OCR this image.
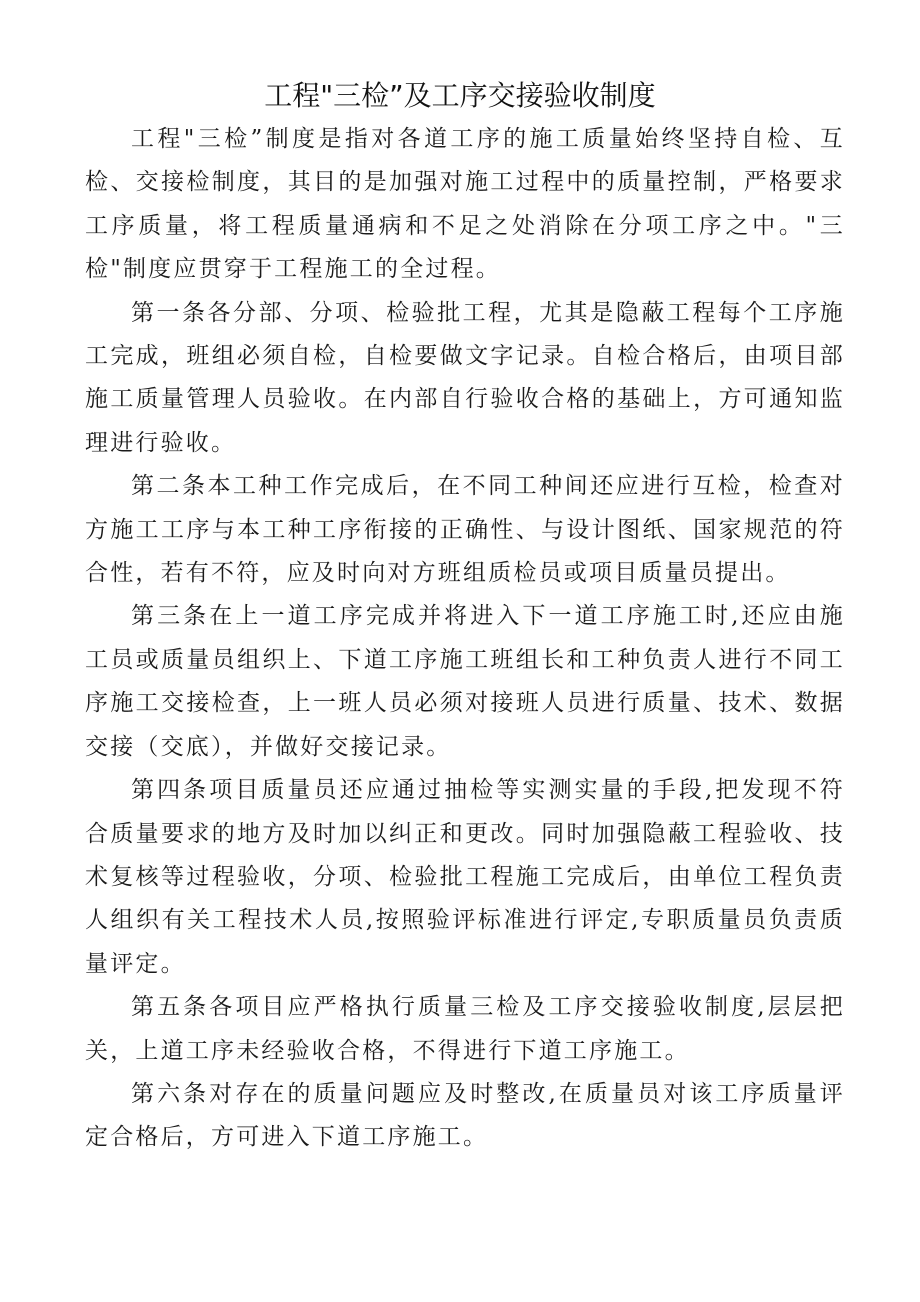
工程"三检”及工序交接验收制度

工程"三检”制度是指对各道工序的施工质量始终坚持自检、互检、交接检制度，其目的是加强对施工过程中的质量控制，严格要求工序质量，将工程质量通病和不足之处消除在分项工序之中。"三检"制度应贯穿于工程施工的全过程。

第一条各分部、分项、检验批工程，尤其是隐蔽工程每个工序施工完成，班组必须自检，自检要做文字记录。自检合格后，由项目部施工质量管理人员验收。在内部自行验收合格的基础上，方可通知监理进行验收。

第二条本工种工作完成后，在不同工种间还应进行互检，检查对方施工工序与本工种工序衔接的正确性、与设计图纸、国家规范的符合性，若有不符，应及时向对方班组质检员或项目质量员提出。

第三条在上一道工序完成并将进入下一道工序施工时,还应由施工员或质量员组织上、下道工序施工班组长和工种负责人进行不同工序施工交接检查，上一班人员必须对接班人员进行质量、技术、数据交接（交底），并做好交接记录。

第四条项目质量员还应通过抽检等实测实量的手段,把发现不符合质量要求的地方及时加以纠正和更改。同时加强隐蔽工程验收、技术复核等过程验收，分项、检验批工程施工完成后，由单位工程负责人组织有关工程技术人员,按照验评标准进行评定,专职质量员负责质量评定。

第五条各项目应严格执行质量三检及工序交接验收制度,层层把关，上道工序未经验收合格，不得进行下道工序施工。

第六条对存在的质量问题应及时整改,在质量员对该工序质量评定合格后，方可进入下道工序施工。
